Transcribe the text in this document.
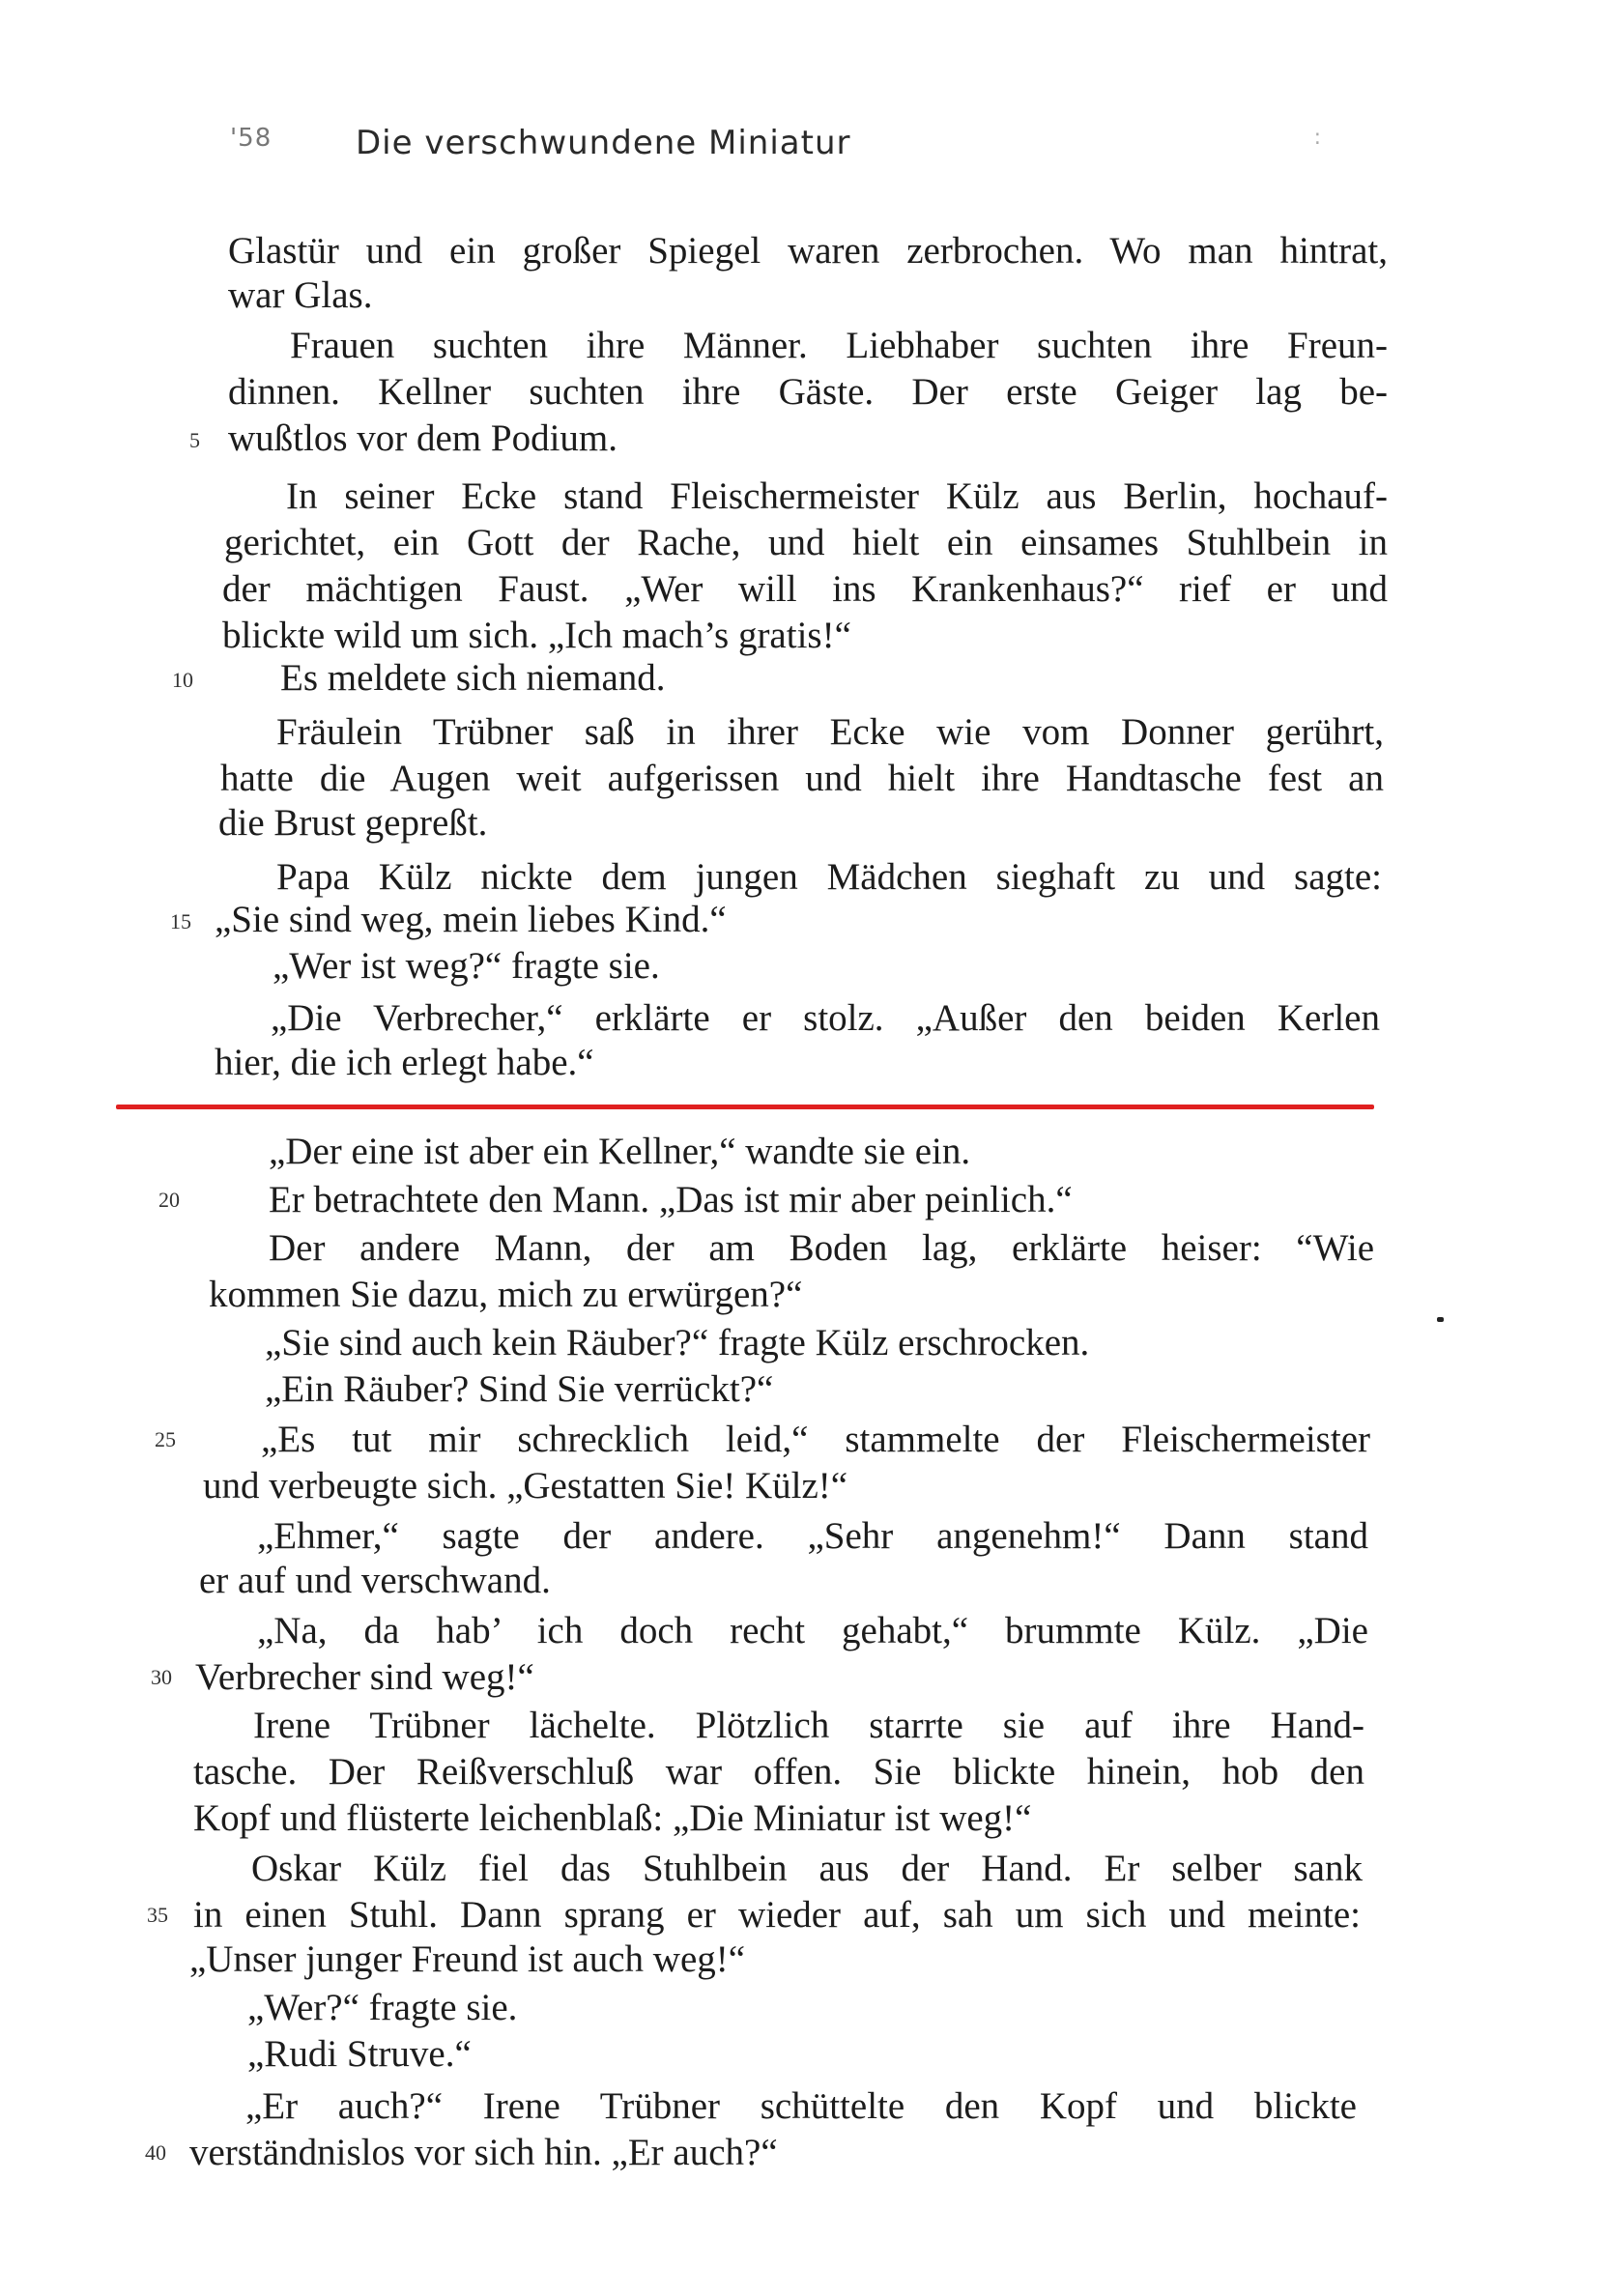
'58	Die verschwundene Miniatur	:
Glastür und ein großer Spiegel waren zerbrochen. Wo man hintrat,
war Glas.
Frauen suchten ihre Männer. Liebhaber suchten ihre Freun-
dinnen. Kellner suchten ihre Gäste. Der erste Geiger lag be-
wußtlos vor dem Podium.
In seiner Ecke stand Fleischermeister Külz aus Berlin, hochauf-
gerichtet, ein Gott der Rache, und hielt ein einsames Stuhlbein in
der mächtigen Faust. „Wer will ins Krankenhaus?“ rief er und
blickte wild um sich. „Ich mach’s gratis!“
Es meldete sich niemand.
Fräulein Trübner saß in ihrer Ecke wie vom Donner gerührt,
hatte die Augen weit aufgerissen und hielt ihre Handtasche fest an
die Brust gepreßt.
Papa Külz nickte dem jungen Mädchen sieghaft zu und sagte:
„Sie sind weg, mein liebes Kind.“
„Wer ist weg?“ fragte sie.
„Die Verbrecher,“ erklärte er stolz. „Außer den beiden Kerlen
hier, die ich erlegt habe.“
„Der eine ist aber ein Kellner,“ wandte sie ein.
Er betrachtete den Mann. „Das ist mir aber peinlich.“
Der andere Mann, der am Boden lag, erklärte heiser: “Wie
kommen Sie dazu, mich zu erwürgen?“
„Sie sind auch kein Räuber?“ fragte Külz erschrocken.
„Ein Räuber? Sind Sie verrückt?“
„Es tut mir schrecklich leid,“ stammelte der Fleischermeister
und verbeugte sich. „Gestatten Sie! Külz!“
„Ehmer,“ sagte der andere. „Sehr angenehm!“ Dann stand
er auf und verschwand.
„Na, da hab’ ich doch recht gehabt,“ brummte Külz. „Die
Verbrecher sind weg!“
Irene Trübner lächelte. Plötzlich starrte sie auf ihre Hand-
tasche. Der Reißverschluß war offen. Sie blickte hinein, hob den
Kopf und flüsterte leichenblaß: „Die Miniatur ist weg!“
Oskar Külz fiel das Stuhlbein aus der Hand. Er selber sank
in einen Stuhl. Dann sprang er wieder auf, sah um sich und meinte:
„Unser junger Freund ist auch weg!“
„Wer?“ fragte sie.
„Rudi Struve.“
„Er auch?“ Irene Trübner schüttelte den Kopf und blickte
verständnislos vor sich hin. „Er auch?“
5
10
15
20
25
30
35
40
